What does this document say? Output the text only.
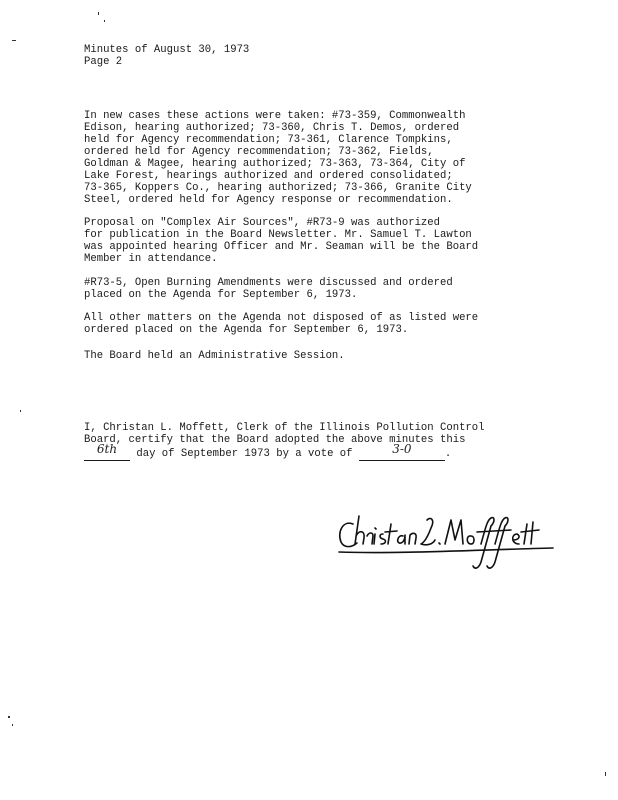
Minutes of August 30, 1973
Page 2
In new cases these actions were taken: #73-359, Commonwealth
Edison, hearing authorized; 73-360, Chris T. Demos, ordered
held for Agency recommendation; 73-361, Clarence Tompkins,
ordered held for Agency recommendation; 73-362, Fields,
Goldman & Magee, hearing authorized; 73-363, 73-364, City of
Lake Forest, hearings authorized and ordered consolidated;
73-365, Koppers Co., hearing authorized; 73-366, Granite City
Steel, ordered held for Agency response or recommendation.
Proposal on "Complex Air Sources", #R73-9 was authorized
for publication in the Board Newsletter. Mr. Samuel T. Lawton
was appointed hearing Officer and Mr. Seaman will be the Board
Member in attendance.
#R73-5, Open Burning Amendments were discussed and ordered
placed on the Agenda for September 6, 1973.
All other matters on the Agenda not disposed of as listed were
ordered placed on the Agenda for September 6, 1973.
The Board held an Administrative Session.
I, Christan L. Moffett, Clerk of the Illinois Pollution Control
Board, certify that the Board adopted the above minutes this
6th day of September 1973 by a vote of	3-0	.
